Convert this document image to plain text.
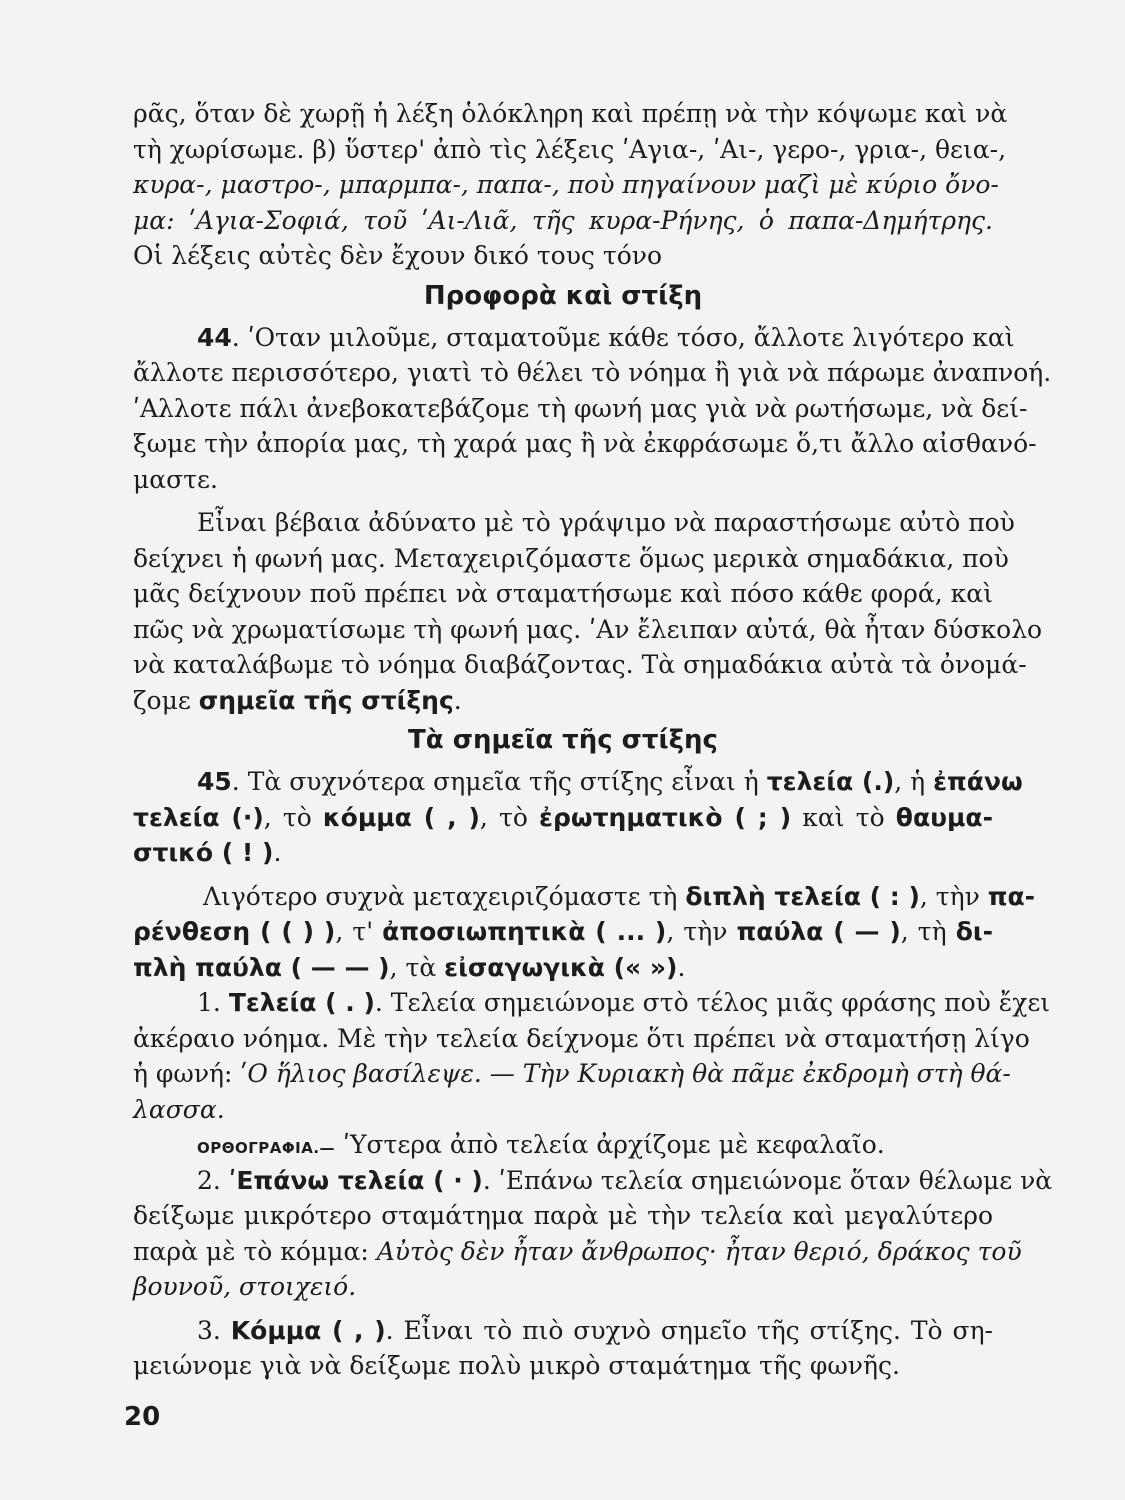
ρᾶς, ὅταν δὲ χωρῇ ἡ λέξη ὁλόκληρη καὶ πρέπῃ νὰ τὴν κόψωμε καὶ νὰ
τὴ χωρίσωμε. β) ὕστερ' ἀπὸ τὶς λέξεις ʹΑγια-, ʹΑι-, γερο-, γρια-, θεια-,
κυρα-, μαστρο-, μπαρμπα-, παπα-, ποὺ πηγαίνουν μαζὶ μὲ κύριο ὄνο-
μα: ʹΑγια-Σοφιά, τοῦ ʹΑι-Λιᾶ, τῆς κυρα-Ρήνης, ὁ παπα-Δημήτρης.
Οἱ λέξεις αὐτὲς δὲν ἔχουν δικό τους τόνο
Προφορὰ καὶ στίξη
44. ʹΟταν μιλοῦμε, σταματοῦμε κάθε τόσο, ἄλλοτε λιγότερο καὶ
ἄλλοτε περισσότερο, γιατὶ τὸ θέλει τὸ νόημα ἢ γιὰ νὰ πάρωμε ἀναπνοή.
ʹΑλλοτε πάλι ἀνεβοκατεβάζομε τὴ φωνή μας γιὰ νὰ ρωτήσωμε, νὰ δεί-
ξωμε τὴν ἀπορία μας, τὴ χαρά μας ἢ νὰ ἐκφράσωμε ὅ,τι ἄλλο αἰσθανό-
μαστε.
Εἶναι βέβαια ἀδύνατο μὲ τὸ γράψιμο νὰ παραστήσωμε αὐτὸ ποὺ
δείχνει ἡ φωνή μας. Μεταχειριζόμαστε ὅμως μερικὰ σημαδάκια, ποὺ
μᾶς δείχνουν ποῦ πρέπει νὰ σταματήσωμε καὶ πόσο κάθε φορά, καὶ
πῶς νὰ χρωματίσωμε τὴ φωνή μας. ʹΑν ἔλειπαν αὐτά, θὰ ἦταν δύσκολο
νὰ καταλάβωμε τὸ νόημα διαβάζοντας. Τὰ σημαδάκια αὐτὰ τὰ ὀνομά-
ζομε σημεῖα τῆς στίξης.
Τὰ σημεῖα τῆς στίξης
45. Τὰ συχνότερα σημεῖα τῆς στίξης εἶναι ἡ τελεία (.), ἡ ἐπάνω
τελεία (·), τὸ κόμμα ( , ), τὸ ἐρωτηματικὸ ( ; ) καὶ τὸ θαυμα-
στικό ( ! ).
Λιγότερο συχνὰ μεταχειριζόμαστε τὴ διπλὴ τελεία ( : ), τὴν πα-
ρένθεση ( ( ) ), τ' ἀποσιωπητικὰ ( ... ), τὴν παύλα ( — ), τὴ δι-
πλὴ παύλα ( — — ), τὰ εἰσαγωγικὰ (« »).
1. Τελεία ( . ). Τελεία σημειώνομε στὸ τέλος μιᾶς φράσης ποὺ ἔχει
ἀκέραιο νόημα. Μὲ τὴν τελεία δείχνομε ὅτι πρέπει νὰ σταματήσῃ λίγο
ἡ φωνή: ʹΟ ἥλιος βασίλεψε. — Τὴν Κυριακὴ θὰ πᾶμε ἐκδρομὴ στὴ θά-
λασσα.
ΟΡΘΟΓΡΑΦΙΑ.— ʹΥστερα ἀπὸ τελεία ἀρχίζομε μὲ κεφαλαῖο.
2. ʹΕπάνω τελεία ( · ). ʹΕπάνω τελεία σημειώνομε ὅταν θέλωμε νὰ
δείξωμε μικρότερο σταμάτημα παρὰ μὲ τὴν τελεία καὶ μεγαλύτερο
παρὰ μὲ τὸ κόμμα: Αὐτὸς δὲν ἦταν ἄνθρωπος· ἦταν θεριό, δράκος τοῦ
βουνοῦ, στοιχειό.
3. Κόμμα ( , ). Εἶναι τὸ πιὸ συχνὸ σημεῖο τῆς στίξης. Τὸ ση-
μειώνομε γιὰ νὰ δείξωμε πολὺ μικρὸ σταμάτημα τῆς φωνῆς.
20
